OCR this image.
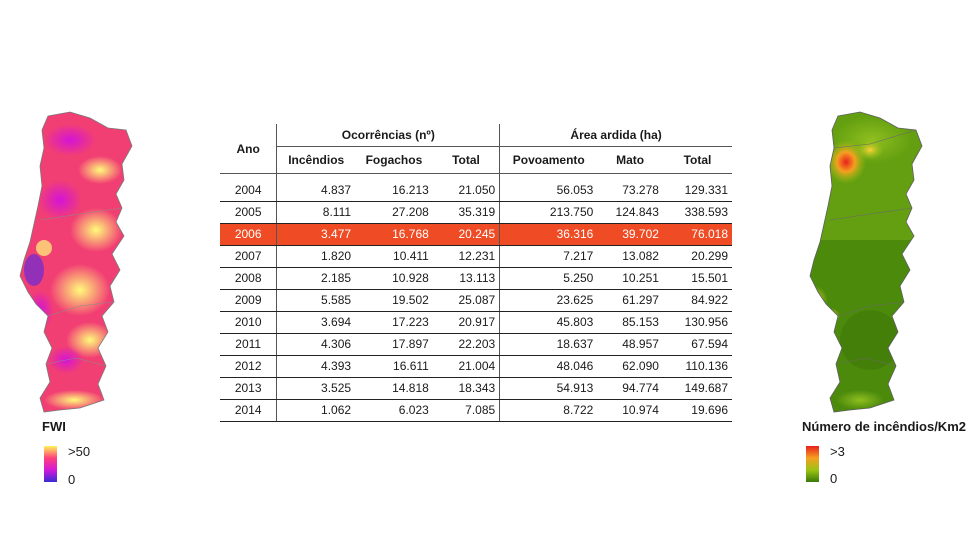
FWI
>50
0
Ano	Ocorrências (nº)			Área ardida (ha)		
	Incêndios	Fogachos	Total	Povoamento	Mato	Total
2004	4.837	16.213	21.050	56.053	73.278	129.331
2005	8.111	27.208	35.319	213.750	124.843	338.593
2006	3.477	16.768	20.245	36.316	39.702	76.018
2007	1.820	10.411	12.231	7.217	13.082	20.299
2008	2.185	10.928	13.113	5.250	10.251	15.501
2009	5.585	19.502	25.087	23.625	61.297	84.922
2010	3.694	17.223	20.917	45.803	85.153	130.956
2011	4.306	17.897	22.203	18.637	48.957	67.594
2012	4.393	16.611	21.004	48.046	62.090	110.136
2013	3.525	14.818	18.343	54.913	94.774	149.687
2014	1.062	6.023	7.085	8.722	10.974	19.696
Número de incêndios/Km2
>3
0
